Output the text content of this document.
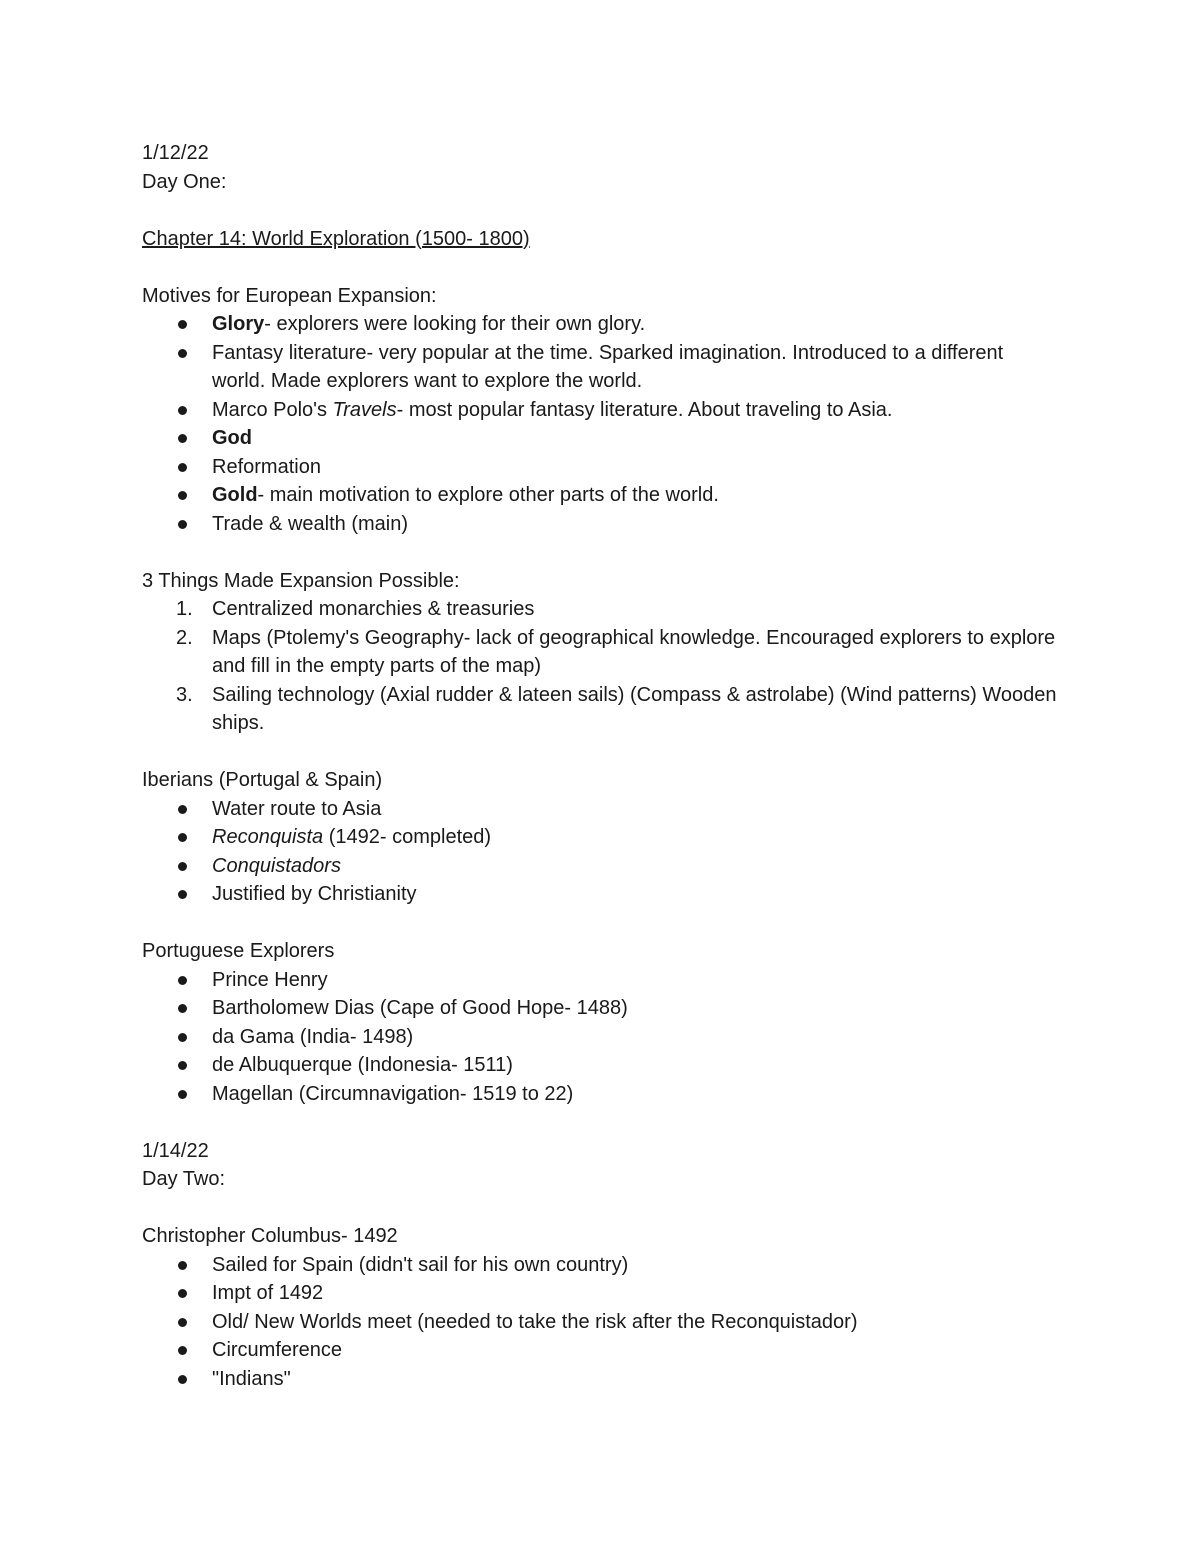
1/12/22

Day One:

Chapter 14: World Exploration (1500- 1800)

Motives for European Expansion:

Glory- explorers were looking for their own glory.
Fantasy literature- very popular at the time. Sparked imagination. Introduced to a different world. Made explorers want to explore the world.
Marco Polo's Travels- most popular fantasy literature. About traveling to Asia.
God
Reformation
Gold- main motivation to explore other parts of the world.
Trade & wealth (main)

3 Things Made Expansion Possible:

1. Centralized monarchies & treasuries
2. Maps (Ptolemy's Geography- lack of geographical knowledge. Encouraged explorers to explore and fill in the empty parts of the map)
3. Sailing technology (Axial rudder & lateen sails) (Compass & astrolabe) (Wind patterns) Wooden ships.

Iberians (Portugal & Spain)

Water route to Asia
Reconquista (1492- completed)
Conquistadors
Justified by Christianity

Portuguese Explorers

Prince Henry
Bartholomew Dias (Cape of Good Hope- 1488)
da Gama (India- 1498)
de Albuquerque (Indonesia- 1511)
Magellan (Circumnavigation- 1519 to 22)

1/14/22

Day Two:

Christopher Columbus- 1492

Sailed for Spain (didn't sail for his own country)
Impt of 1492
Old/ New Worlds meet (needed to take the risk after the Reconquistador)
Circumference
"Indians"
